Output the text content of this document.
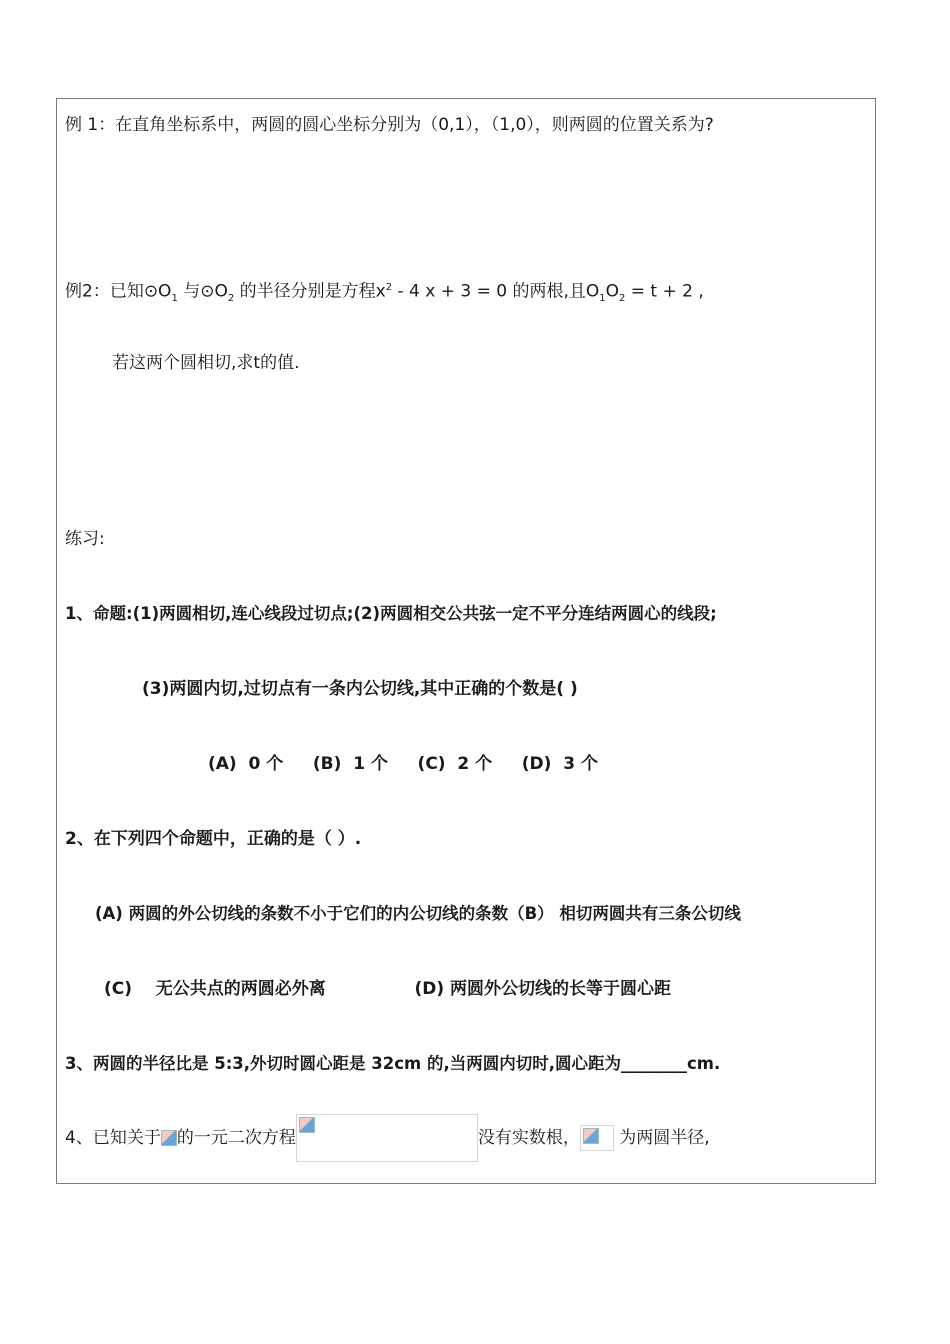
例 1：在直角坐标系中，两圆的圆心坐标分别为（0,1），（1,0），则两圆的位置关系为?
例2：已知$⊙O_1$ 与$⊙O_2$ 的半径分别是方程$x^2 - 4$ x + 3 = 0 的两根,且$O_1O_2 = t + 2$ ,
若这两个圆相切,求t的值.
练习:
1、命题:(1)两圆相切,连心线段过切点;(2)两圆相交公共弦一定不平分连结两圆心的线段;
(3)两圆内切,过切点有一条内公切线,其中正确的个数是( )
(A)  0 个     (B)  1 个     (C)  2 个     (D)  3 个
2、在下列四个命题中，正确的是（ ）.
(A) 两圆的外公切线的条数不小于它们的内公切线的条数（B） 相切两圆共有三条公切线
(C)    无公共点的两圆必外离               (D) 两圆外公切线的长等于圆心距
3、两圆的半径比是 5:3,外切时圆心距是 32cm 的,当两圆内切时,圆心距为________cm.
4、已知关于 的一元二次方程	没有实数根，
为两圆半径,
